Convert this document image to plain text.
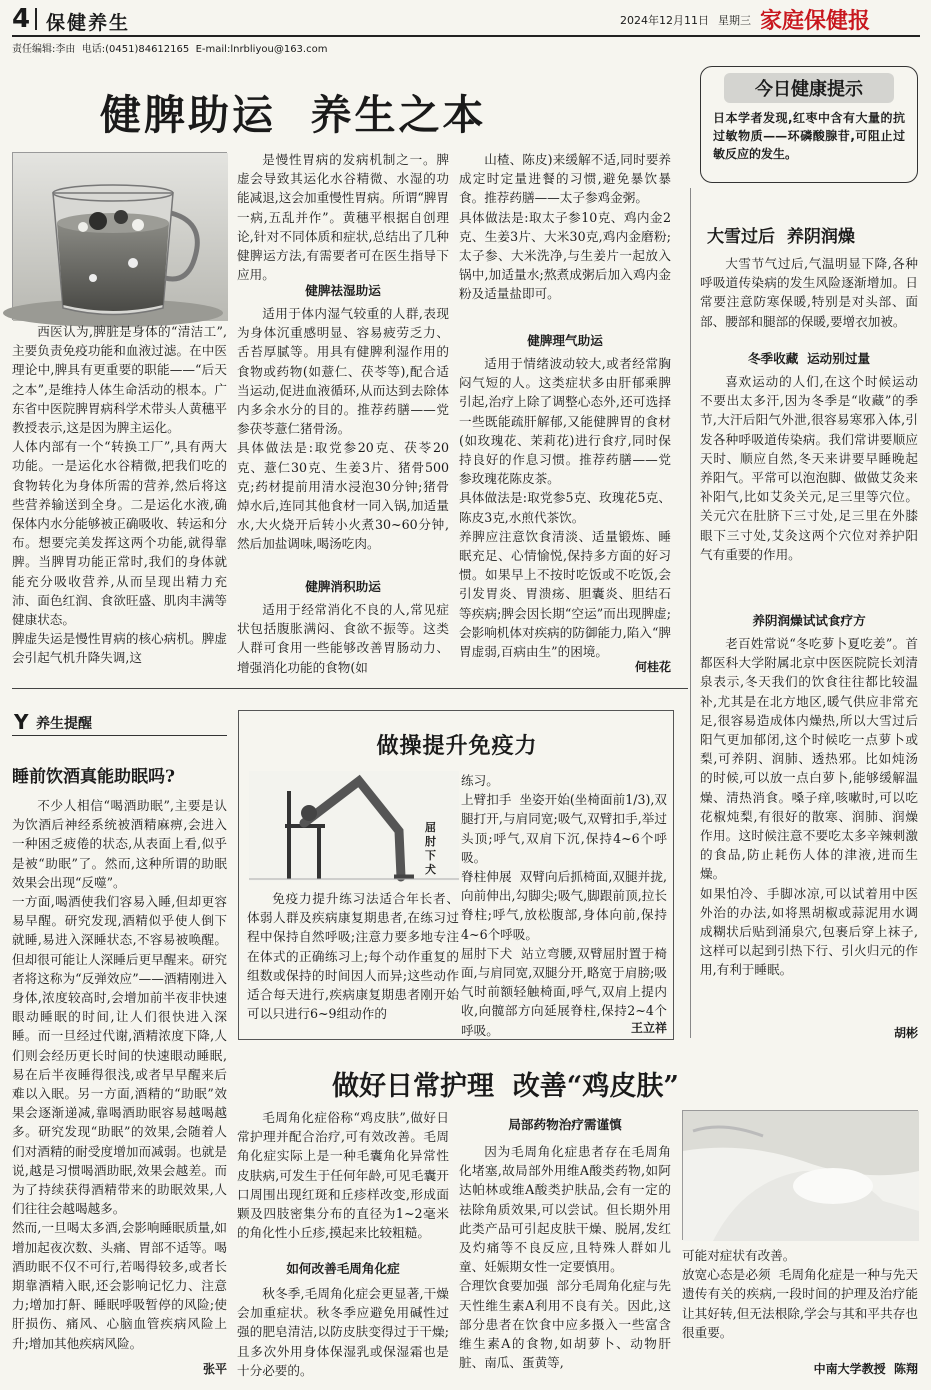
4 保健养生	2024年12月11日 星期三 家庭保健报
责任编辑:李由  电话:(0451)84612165  E-mail:lnrbliyou@163.com
健脾助运  养生之本
西医认为,脾脏是身体的“清洁工”,主要负责免疫功能和血液过滤。在中医理论中,脾具有更重要的职能——“后天之本”,是维持人体生命活动的根本。广东省中医院脾胃病科学术带头人黄穗平教授表示,这是因为脾主运化。
人体内部有一个“转换工厂”,具有两大功能。一是运化水谷精微,把我们吃的食物转化为身体所需的营养,然后将这些营养输送到全身。二是运化水液,确保体内水分能够被正确吸收、转运和分布。想要完美发挥这两个功能,就得靠脾。当脾胃功能正常时,我们的身体就能充分吸收营养,从而呈现出精力充沛、面色红润、食欲旺盛、肌肉丰满等健康状态。
脾虚失运是慢性胃病的核心病机。脾虚会引起气机升降失调,这
是慢性胃病的发病机制之一。脾虚会导致其运化水谷精微、水湿的功能减退,这会加重慢性胃病。所谓“脾胃一病,五乱并作”。黄穗平根据自创理论,针对不同体质和症状,总结出了几种健脾运方法,有需要者可在医生指导下应用。
健脾祛湿助运
适用于体内湿气较重的人群,表现为身体沉重感明显、容易疲劳乏力、舌苔厚腻等。用具有健脾利湿作用的食物或药物(如薏仁、茯苓等),配合适当运动,促进血液循环,从而达到去除体内多余水分的目的。推荐药膳——党参茯苓薏仁猪骨汤。
具体做法是:取党参20克、茯苓20克、薏仁30克、生姜3片、猪骨500克;药材提前用清水浸泡30分钟;猪骨焯水后,连同其他食材一同入锅,加适量水,大火烧开后转小火煮30~60分钟,然后加盐调味,喝汤吃肉。
健脾消积助运
适用于经常消化不良的人,常见症状包括腹胀满闷、食欲不振等。这类人群可食用一些能够改善胃肠动力、增强消化功能的食物(如
山楂、陈皮)来缓解不适,同时要养成定时定量进餐的习惯,避免暴饮暴食。推荐药膳——太子参鸡金粥。
具体做法是:取太子参10克、鸡内金2克、生姜3片、大米30克,鸡内金磨粉;太子参、大米洗净,与生姜片一起放入锅中,加适量水;熬煮成粥后加入鸡内金粉及适量盐即可。
健脾理气助运
适用于情绪波动较大,或者经常胸闷气短的人。这类症状多由肝郁乘脾引起,治疗上除了调整心态外,还可选择一些既能疏肝解郁,又能健脾胃的食材(如玫瑰花、茉莉花)进行食疗,同时保持良好的作息习惯。推荐药膳——党参玫瑰花陈皮茶。
具体做法是:取党参5克、玫瑰花5克、陈皮3克,水煎代茶饮。
养脾应注意饮食清淡、适量锻炼、睡眠充足、心情愉悦,保持多方面的好习惯。如果早上不按时吃饭或不吃饭,会引发胃炎、胃溃疡、胆囊炎、胆结石等疾病;脾会因长期“空运”而出现脾虚;会影响机体对疾病的防御能力,陷入“脾胃虚弱,百病由生”的困境。
何桂花
今日健康提示
日本学者发现,红枣中含有大量的抗过敏物质——环磷酸腺苷,可阻止过敏反应的发生。
大雪过后  养阴润燥
大雪节气过后,气温明显下降,各种呼吸道传染病的发生风险逐渐增加。日常要注意防寒保暖,特别是对头部、面部、腰部和腿部的保暖,要增衣加被。
冬季收藏  运动别过量
喜欢运动的人们,在这个时候运动不要出太多汗,因为冬季是“收藏”的季节,大汗后阳气外泄,很容易寒邪入体,引发各种呼吸道传染病。我们常讲要顺应天时、顺应自然,冬天来讲要早睡晚起养阳气。平常可以泡泡脚、做做艾灸来补阳气,比如艾灸关元,足三里等穴位。关元穴在肚脐下三寸处,足三里在外膝眼下三寸处,艾灸这两个穴位对养护阳气有重要的作用。
养阴润燥试试食疗方
老百姓常说“冬吃萝卜夏吃姜”。首都医科大学附属北京中医医院院长刘清泉表示,冬天我们的饮食往往都比较温补,尤其是在北方地区,暖气供应非常充足,很容易造成体内燥热,所以大雪过后阳气更加郁闭,这个时候吃一点萝卜或梨,可养阴、润肺、透热邪。比如炖汤的时候,可以放一点白萝卜,能够缓解温燥、清热消食。嗓子痒,咳嗽时,可以吃花椒炖梨,有很好的散寒、润肺、润燥作用。这时候注意不要吃太多辛辣刺激的食品,防止耗伤人体的津液,进而生燥。
如果怕冷、手脚冰凉,可以试着用中医外治的办法,如将黑胡椒或蒜泥用水调成糊状后贴到涌泉穴,包裹后穿上袜子,这样可以起到引热下行、引火归元的作用,有利于睡眠。
胡彬
Y 养生提醒
睡前饮酒真能助眠吗?
不少人相信“喝酒助眠”,主要是认为饮酒后神经系统被酒精麻痹,会进入一种困乏疲倦的状态,从表面上看,似乎是被“助眠”了。然而,这种所谓的助眠效果会出现“反噬”。
一方面,喝酒使我们容易入睡,但却更容易早醒。研究发现,酒精似乎使人倒下就睡,易进入深睡状态,不容易被唤醒。但却很可能让人深睡后更早醒来。研究者将这称为“反弹效应”——酒精刚进入身体,浓度较高时,会增加前半夜非快速眼动睡眠的时间,让人们很快进入深睡。而一旦经过代谢,酒精浓度下降,人们则会经历更长时间的快速眼动睡眠,易在后半夜睡得很浅,或者早早醒来后难以入眠。另一方面,酒精的“助眠”效果会逐渐递减,靠喝酒助眠容易越喝越多。研究发现“助眠”的效果,会随着人们对酒精的耐受度增加而减弱。也就是说,越是习惯喝酒助眠,效果会越差。而为了持续获得酒精带来的助眠效果,人们往往会越喝越多。
然而,一旦喝太多酒,会影响睡眠质量,如增加起夜次数、头痛、胃部不适等。喝酒助眠不仅不可行,若喝得较多,或者长期靠酒精入眠,还会影响记忆力、注意力;增加打鼾、睡眠呼吸暂停的风险;使肝损伤、痛风、心脑血管疾病风险上升;增加其他疾病风险。
张平
做操提升免疫力
屈肘下犬
免疫力提升练习法适合年长者、体弱人群及疾病康复期患者,在练习过程中保持自然呼吸;注意力要多地专注在体式的正确练习上;每个动作重复的组数或保持的时间因人而异;这些动作适合每天进行,疾病康复期患者刚开始可以只进行6~9组动作的
练习。
上臂扣手  坐姿开始(坐椅面前1/3),双腿打开,与肩同宽;吸气,双臂扣手,举过头顶;呼气,双肩下沉,保持4~6个呼吸。
脊柱伸展  双臂向后抓椅面,双腿并拢,向前伸出,勾脚尖;吸气,脚跟前顶,拉长脊柱;呼气,放松腹部,身体向前,保持4~6个呼吸。
屈肘下犬  站立弯腰,双臂屈肘置于椅面,与肩同宽,双腿分开,略宽于肩膀;吸气时前额轻触椅面,呼气,双肩上提内收,向髋部方向延展脊柱,保持2~4个呼吸。	王立祥
做好日常护理  改善“鸡皮肤”
毛周角化症俗称“鸡皮肤”,做好日常护理并配合治疗,可有效改善。毛周角化症实际上是一种毛囊角化异常性皮肤病,可发生于任何年龄,可见毛囊开口周围出现红斑和丘疹样改变,形成面颗及四肢密集分布的直径为1~2毫米的角化性小丘疹,摸起来比较粗糙。
如何改善毛周角化症
秋冬季,毛周角化症会更显著,干燥会加重症状。秋冬季应避免用碱性过强的肥皂清洁,以防皮肤变得过于干燥;且多次外用身体保湿乳或保湿霜也是十分必要的。
局部药物治疗需谨慎
因为毛周角化症患者存在毛周角化堵塞,故局部外用维A酸类药物,如阿达帕林或维A酸类护肤品,会有一定的祛除角质效果,可以尝试。但长期外用此类产品可引起皮肤干燥、脱屑,发红及灼痛等不良反应,且特殊人群如儿童、妊娠期女性一定要慎用。
合理饮食要加强  部分毛周角化症与先天性维生素A利用不良有关。因此,这部分患者在饮食中应多摄入一些富含维生素A的食物,如胡萝卜、动物肝脏、南瓜、蛋黄等,
可能对症状有改善。
放宽心态是必须  毛周角化症是一种与先天遗传有关的疾病,一段时间的护理及治疗能让其好转,但无法根除,学会与其和平共存也很重要。
中南大学教授  陈翔
